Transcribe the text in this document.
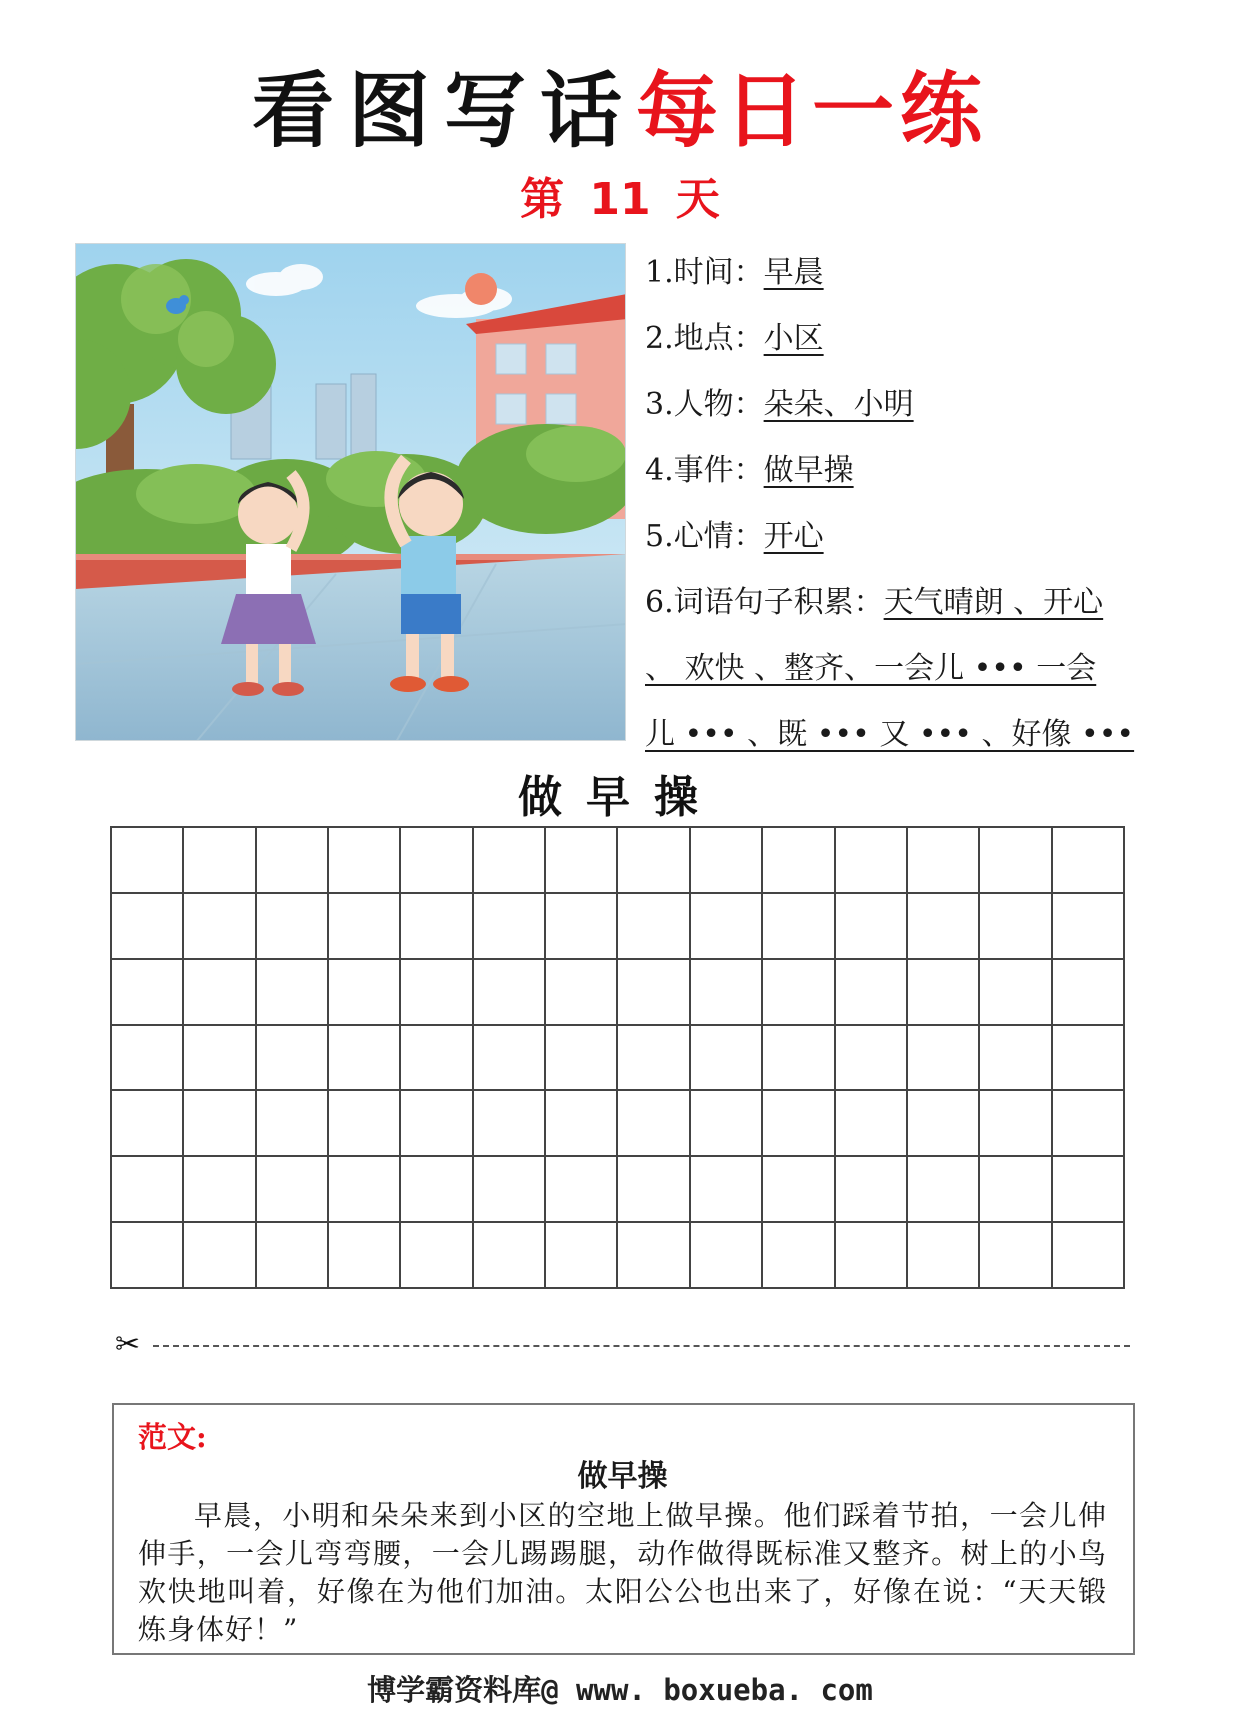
看图写话每日一练
第 11 天
1.时间：早晨
2.地点：小区
3.人物：朵朵、小明
4.事件：做早操
5.心情：开心
6.词语句子积累：天气晴朗 、开心
、 欢快 、整齐、一会儿 ••• 一会
儿 ••• 、既 ••• 又 ••• 、好像 •••
做早操
✂
范文:
做早操
早晨，小明和朵朵来到小区的空地上做早操。他们踩着节拍，一会儿伸伸手，一会儿弯弯腰，一会儿踢踢腿，动作做得既标准又整齐。树上的小鸟欢快地叫着，好像在为他们加油。太阳公公也出来了，好像在说：“天天锻炼身体好！”
博学霸资料库@ www. boxueba. com
